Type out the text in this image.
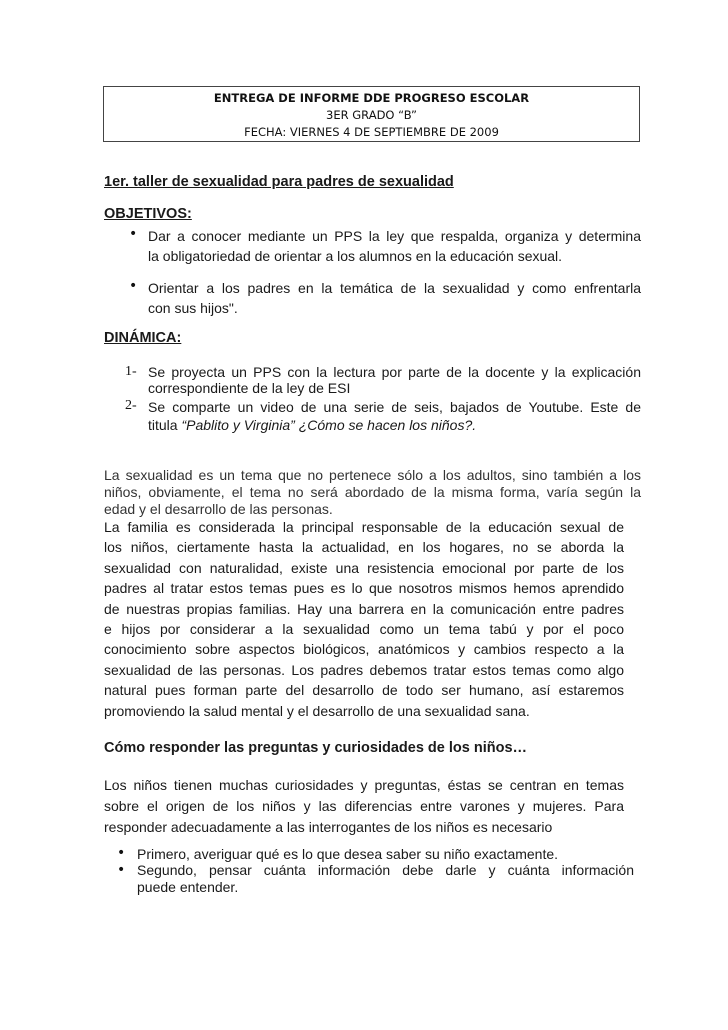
ENTREGA DE INFORME DDE PROGRESO ESCOLAR
3ER GRADO “B”
FECHA: VIERNES 4 DE SEPTIEMBRE DE 2009
1er. taller de sexualidad para padres de sexualidad
OBJETIVOS:
• Dar a conocer mediante un PPS la ley que respalda, organiza y determina
la obligatoriedad de orientar a los alumnos en la educación sexual.
• Orientar a los padres en la temática de la sexualidad y como enfrentarla
con sus hijos".
DINÁMICA:
1- Se proyecta un PPS con la lectura por parte de la docente y la explicación
correspondiente de la ley de ESI
2- Se comparte un video de una serie de seis, bajados de Youtube. Este de
titula “Pablito y Virginia” ¿Cómo se hacen los niños?.
La sexualidad es un tema que no pertenece sólo a los adultos, sino también a los
niños, obviamente, el tema no será abordado de la misma forma, varía según la
edad y el desarrollo de las personas.
La familia es considerada la principal responsable de la educación sexual de
los niños, ciertamente hasta la actualidad, en los hogares, no se aborda la
sexualidad con naturalidad, existe una resistencia emocional por parte de los
padres al tratar estos temas pues es lo que nosotros mismos hemos aprendido
de nuestras propias familias. Hay una barrera en la comunicación entre padres
e hijos por considerar a la sexualidad como un tema tabú y por el poco
conocimiento sobre aspectos biológicos, anatómicos y cambios respecto a la
sexualidad de las personas. Los padres debemos tratar estos temas como algo
natural pues forman parte del desarrollo de todo ser humano, así estaremos
promoviendo la salud mental y el desarrollo de una sexualidad sana.
Cómo responder las preguntas y curiosidades de los niños…
Los niños tienen muchas curiosidades y preguntas, éstas se centran en temas
sobre el origen de los niños y las diferencias entre varones y mujeres. Para
responder adecuadamente a las interrogantes de los niños es necesario
• Primero, averiguar qué es lo que desea saber su niño exactamente.
• Segundo, pensar cuánta información debe darle y cuánta información
puede entender.
